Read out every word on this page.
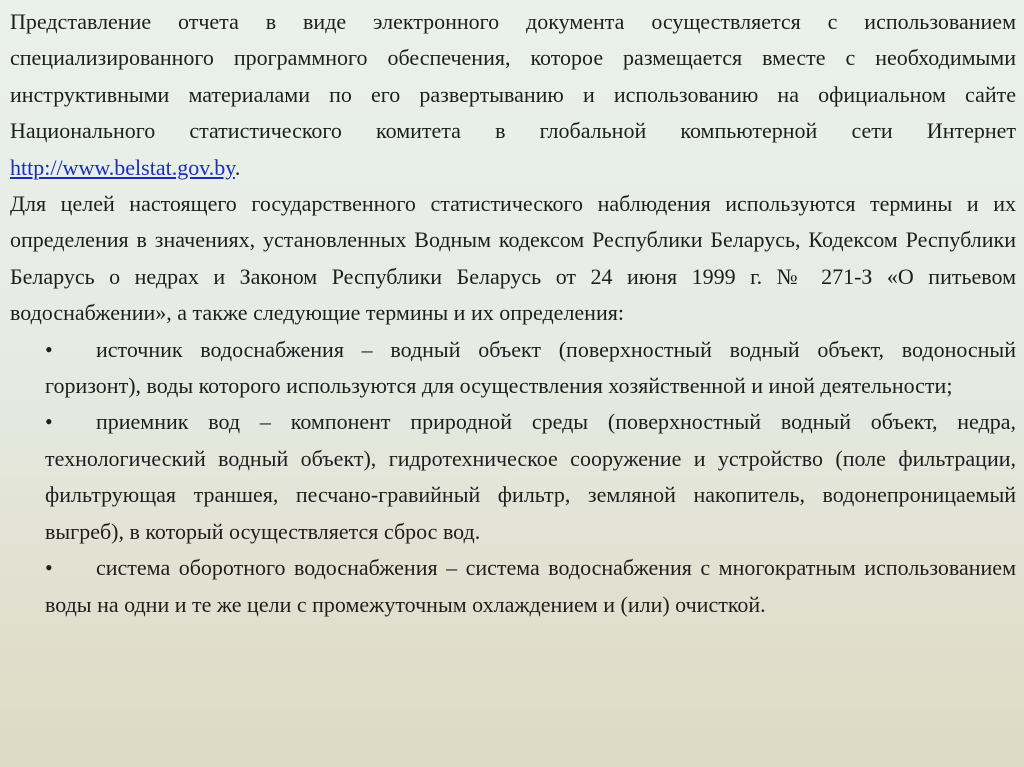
Представление отчета в виде электронного документа осуществляется с использованием специализированного программного обеспечения, которое размещается вместе с необходимыми инструктивными материалами по его развертыванию и использованию на официальном сайте Национального статистического комитета в глобальной компьютерной сети Интернет http://www.belstat.gov.by.

Для целей настоящего государственного статистического наблюдения используются термины и их определения в значениях, установленных Водным кодексом Республики Беларусь, Кодексом Республики Беларусь о недрах и Законом Республики Беларусь от 24 июня 1999 г. № 271-З «О питьевом водоснабжении», а также следующие термины и их определения:

• источник водоснабжения – водный объект (поверхностный водный объект, водоносный горизонт), воды которого используются для осуществления хозяйственной и иной деятельности;

• приемник вод – компонент природной среды (поверхностный водный объект, недра, технологический водный объект), гидротехническое сооружение и устройство (поле фильтрации, фильтрующая траншея, песчано-гравийный фильтр, земляной накопитель, водонепроницаемый выгреб), в который осуществляется сброс вод.

• система оборотного водоснабжения – система водоснабжения с многократным использованием воды на одни и те же цели с промежуточным охлаждением и (или) очисткой.
